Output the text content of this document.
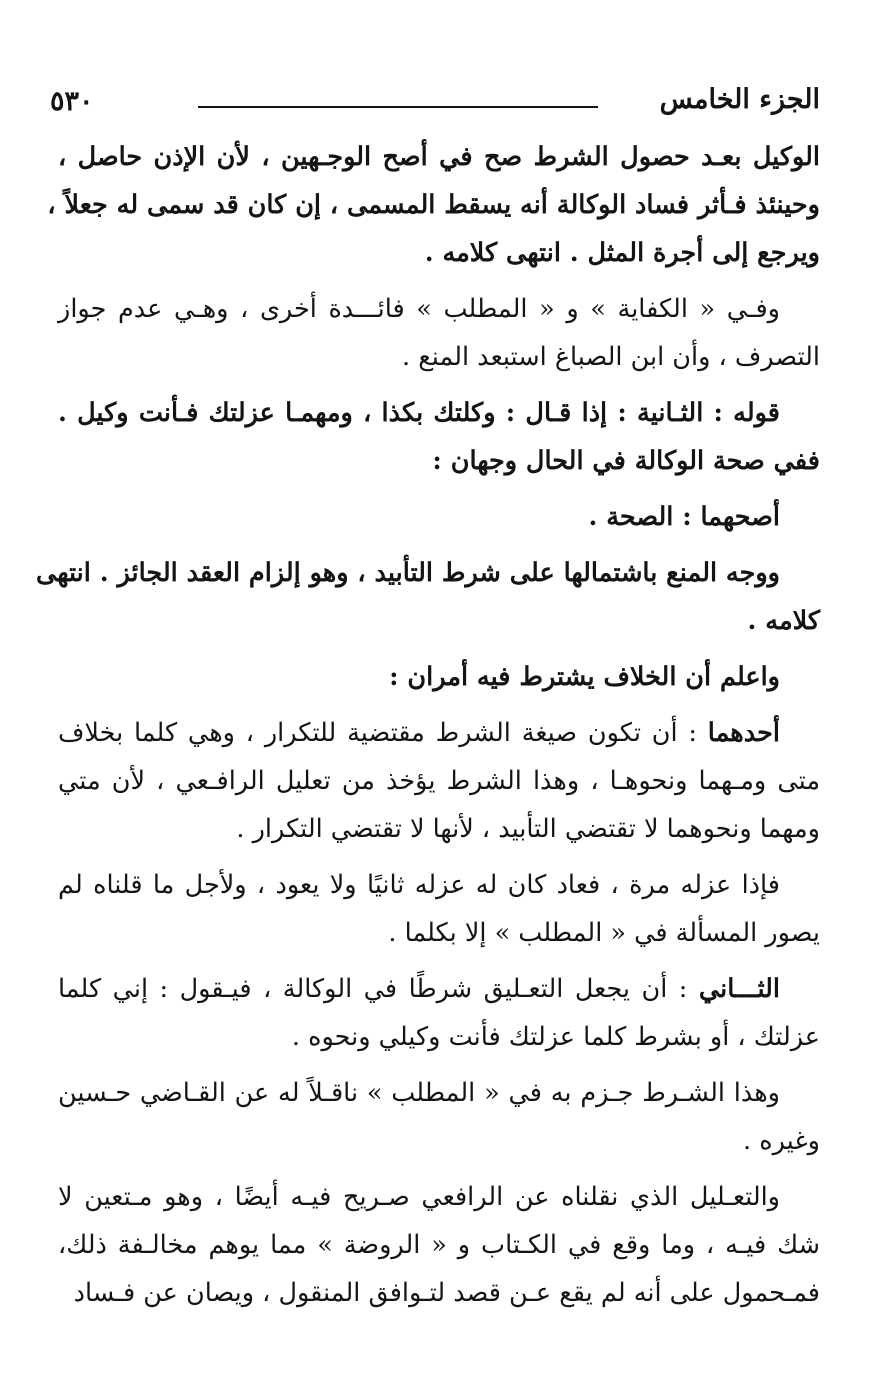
٥٣٠	الجزء الخامس
الوكيل بعـد حصول الشرط صح في أصح الوجـهين ، لأن الإذن حاصل ،
وحينئذ فـأثر فساد الوكالة أنه يسقط المسمى ، إن كان قد سمى له جعلاً ،
ويرجع إلى أجرة المثل . انتهى كلامه .
وفـي « الكفاية » و « المطلب » فائـــدة أخرى ، وهـي عدم جواز
التصرف ، وأن ابن الصباغ استبعد المنع .
قوله : الثـانية : إذا قـال : وكلتك بكذا ، ومهمـا عزلتك فـأنت وكيل .
ففي صحة الوكالة في الحال وجهان :
أصحهما : الصحة .
ووجه المنع باشتمالها على شرط التأبيد ، وهو إلزام العقد الجائز . انتهى
كلامه .
واعلم أن الخلاف يشترط فيه أمران :
أحدهما : أن تكون صيغة الشرط مقتضية للتكرار ، وهي كلما بخلاف
متى ومـهما ونحوهـا ، وهذا الشرط يؤخذ من تعليل الرافـعي ، لأن متي
ومهما ونحوهما لا تقتضي التأبيد ، لأنها لا تقتضي التكرار .
فإذا عزله مرة ، فعاد كان له عزله ثانيًا ولا يعود ، ولأجل ما قلناه لم
يصور المسألة في « المطلب » إلا بكلما .
الثـــاني : أن يجعل التعـليق شرطًا في الوكالة ، فيـقول : إني كلما
عزلتك ، أو بشرط كلما عزلتك فأنت وكيلي ونحوه .
وهذا الشـرط جـزم به في « المطلب » ناقـلاً له عن القـاضي حـسين
وغيره .
والتعـليل الذي نقلناه عن الرافعي صـريح فيـه أيضًا ، وهو مـتعين لا
شك فيـه ، وما وقع في الكـتاب و « الروضة » مما يوهم مخالـفة ذلك،
فمـحمول على أنه لم يقع عـن قصد لتـوافق المنقول ، ويصان عن فـساد
